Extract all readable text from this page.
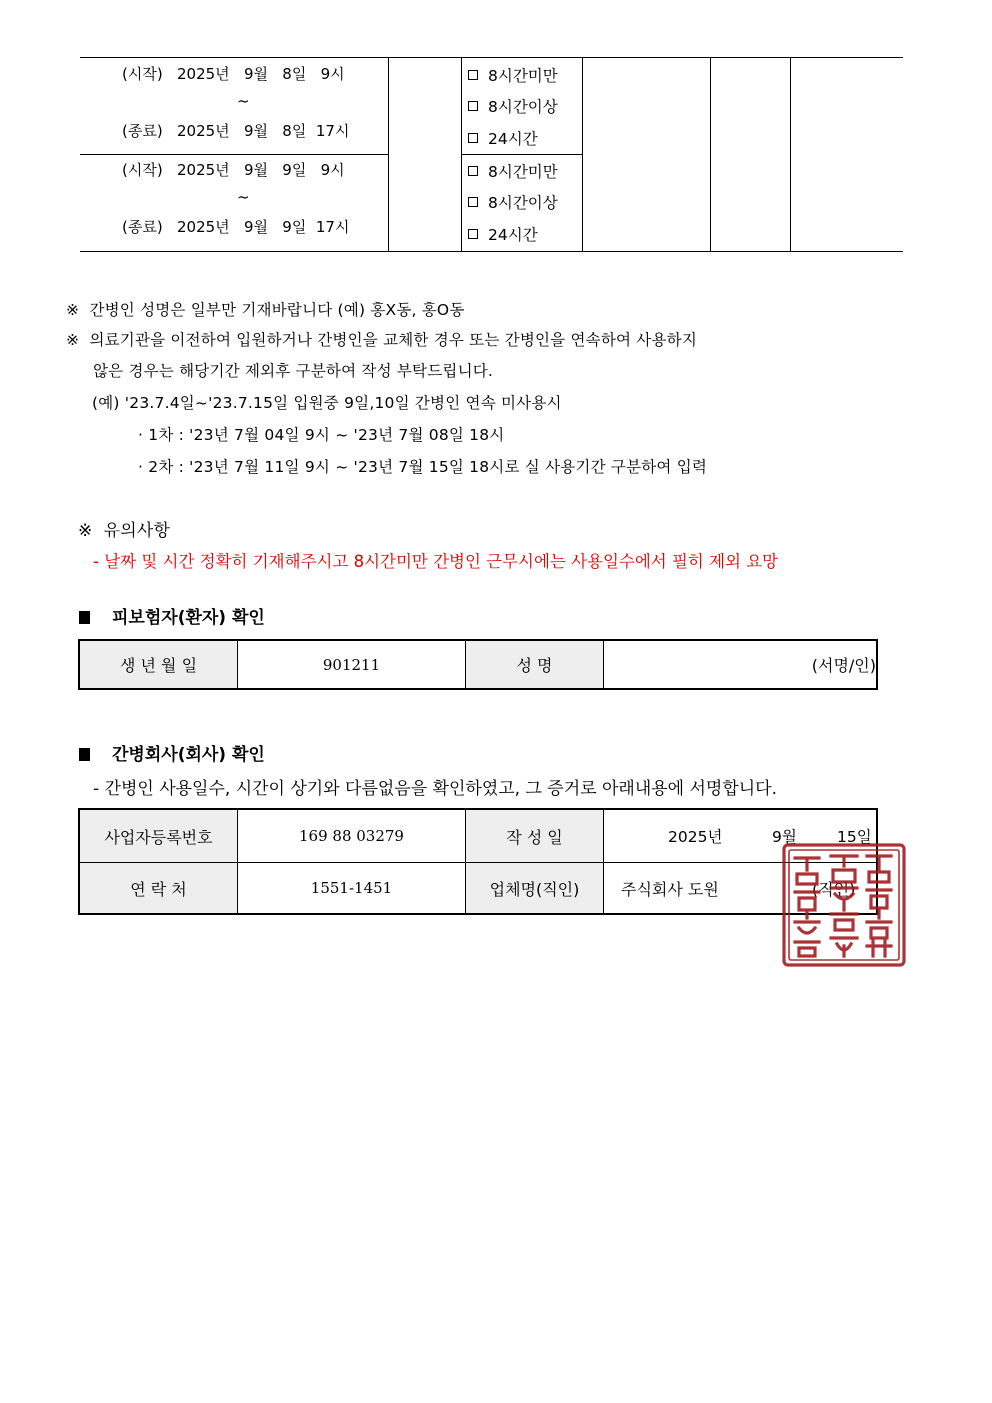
(시작)   2025년   9월   8일   9시
~
(종료)   2025년   9월   8일  17시
8시간미만
8시간이상
24시간
(시작)   2025년   9월   9일   9시
~
(종료)   2025년   9월   9일  17시
8시간미만
8시간이상
24시간
※  간병인 성명은 일부만 기재바랍니다 (예) 홍X동, 홍O동
※  의료기관을 이전하여 입원하거나 간병인을 교체한 경우 또는 간병인을 연속하여 사용하지
않은 경우는 해당기간 제외후 구분하여 작성 부탁드립니다.
(예) '23.7.4일~'23.7.15일 입원중 9일,10일 간병인 연속 미사용시
· 1차 : '23년 7월 04일 9시 ~ '23년 7월 08일 18시
· 2차 : '23년 7월 11일 9시 ~ '23년 7월 15일 18시로 실 사용기간 구분하여 입력
※  유의사항
- 날짜 및 시간 정확히 기재해주시고 8시간미만 간병인 근무시에는 사용일수에서 필히 제외 요망
피보험자(환자) 확인
생 년 월 일	901211	성 명	(서명/인)
간병회사(회사) 확인
- 간병인 사용일수, 시간이 상기와 다름없음을 확인하였고, 그 증거로 아래내용에 서명합니다.
사업자등록번호	169 88 03279	작 성 일	2025년	9월	15일
연 락 처	1551-1451	업체명(직인)	주식회사 도원	(직인)
